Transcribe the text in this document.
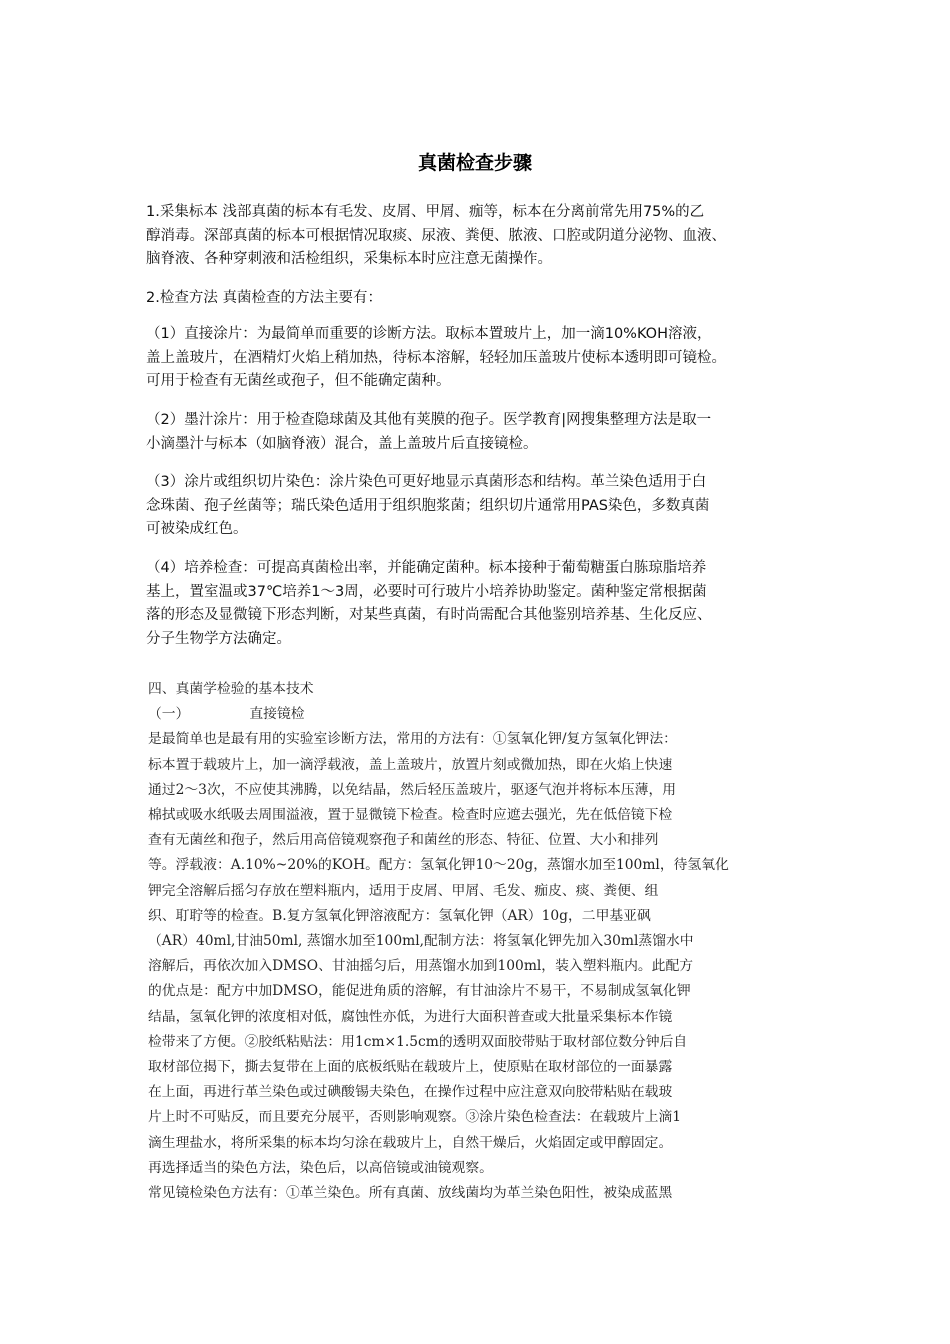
真菌检查步骤
1.采集标本 浅部真菌的标本有毛发、皮屑、甲屑、痂等，标本在分离前常先用75%的乙
醇消毒。深部真菌的标本可根据情况取痰、尿液、粪便、脓液、口腔或阴道分泌物、血液、
脑脊液、各种穿刺液和活检组织，采集标本时应注意无菌操作。
2.检查方法 真菌检查的方法主要有：
（1）直接涂片：为最简单而重要的诊断方法。取标本置玻片上，加一滴10%KOH溶液，
盖上盖玻片，在酒精灯火焰上稍加热，待标本溶解，轻轻加压盖玻片使标本透明即可镜检。
可用于检查有无菌丝或孢子，但不能确定菌种。
（2）墨汁涂片：用于检查隐球菌及其他有荚膜的孢子。医学教育|网搜集整理方法是取一
小滴墨汁与标本（如脑脊液）混合，盖上盖玻片后直接镜检。
（3）涂片或组织切片染色：涂片染色可更好地显示真菌形态和结构。革兰染色适用于白
念珠菌、孢子丝菌等；瑞氏染色适用于组织胞浆菌；组织切片通常用PAS染色，多数真菌
可被染成红色。
（4）培养检查：可提高真菌检出率，并能确定菌种。标本接种于葡萄糖蛋白胨琼脂培养
基上，置室温或37℃培养1～3周，必要时可行玻片小培养协助鉴定。菌种鉴定常根据菌
落的形态及显微镜下形态判断，对某些真菌，有时尚需配合其他鉴别培养基、生化反应、
分子生物学方法确定。
四、真菌学检验的基本技术
（一）	直接镜检
是最简单也是最有用的实验室诊断方法，常用的方法有：①氢氧化钾/复方氢氧化钾法：
标本置于载玻片上，加一滴浮载液，盖上盖玻片，放置片刻或微加热，即在火焰上快速
通过2～3次，不应使其沸腾，以免结晶，然后轻压盖玻片，驱逐气泡并将标本压薄，用
棉拭或吸水纸吸去周围溢液，置于显微镜下检查。检查时应遮去强光，先在低倍镜下检
查有无菌丝和孢子，然后用高倍镜观察孢子和菌丝的形态、特征、位置、大小和排列
等。浮载液：A.10%~20%的KOH。配方：氢氧化钾10～20g，蒸馏水加至100ml，待氢氧化
钾完全溶解后摇匀存放在塑料瓶内，适用于皮屑、甲屑、毛发、痂皮、痰、粪便、组
织、耵聍等的检查。B.复方氢氧化钾溶液配方：氢氧化钾（AR）10g，二甲基亚砜
（AR）40ml,甘油50ml, 蒸馏水加至100ml,配制方法：将氢氧化钾先加入30ml蒸馏水中
溶解后，再依次加入DMSO、甘油摇匀后，用蒸馏水加到100ml，装入塑料瓶内。此配方
的优点是：配方中加DMSO，能促进角质的溶解，有甘油涂片不易干，不易制成氢氧化钾
结晶，氢氧化钾的浓度相对低，腐蚀性亦低，为进行大面积普查或大批量采集标本作镜
检带来了方便。②胶纸粘贴法：用1cm×1.5cm的透明双面胶带贴于取材部位数分钟后自
取材部位揭下，撕去复带在上面的底板纸贴在载玻片上，使原贴在取材部位的一面暴露
在上面，再进行革兰染色或过碘酸锡夫染色，在操作过程中应注意双向胶带粘贴在载玻
片上时不可贴反，而且要充分展平，否则影响观察。③涂片染色检查法：在载玻片上滴1
滴生理盐水，将所采集的标本均匀涂在载玻片上，自然干燥后，火焰固定或甲醇固定。
再选择适当的染色方法，染色后，以高倍镜或油镜观察。
常见镜检染色方法有：①革兰染色。所有真菌、放线菌均为革兰染色阳性，被染成蓝黑
